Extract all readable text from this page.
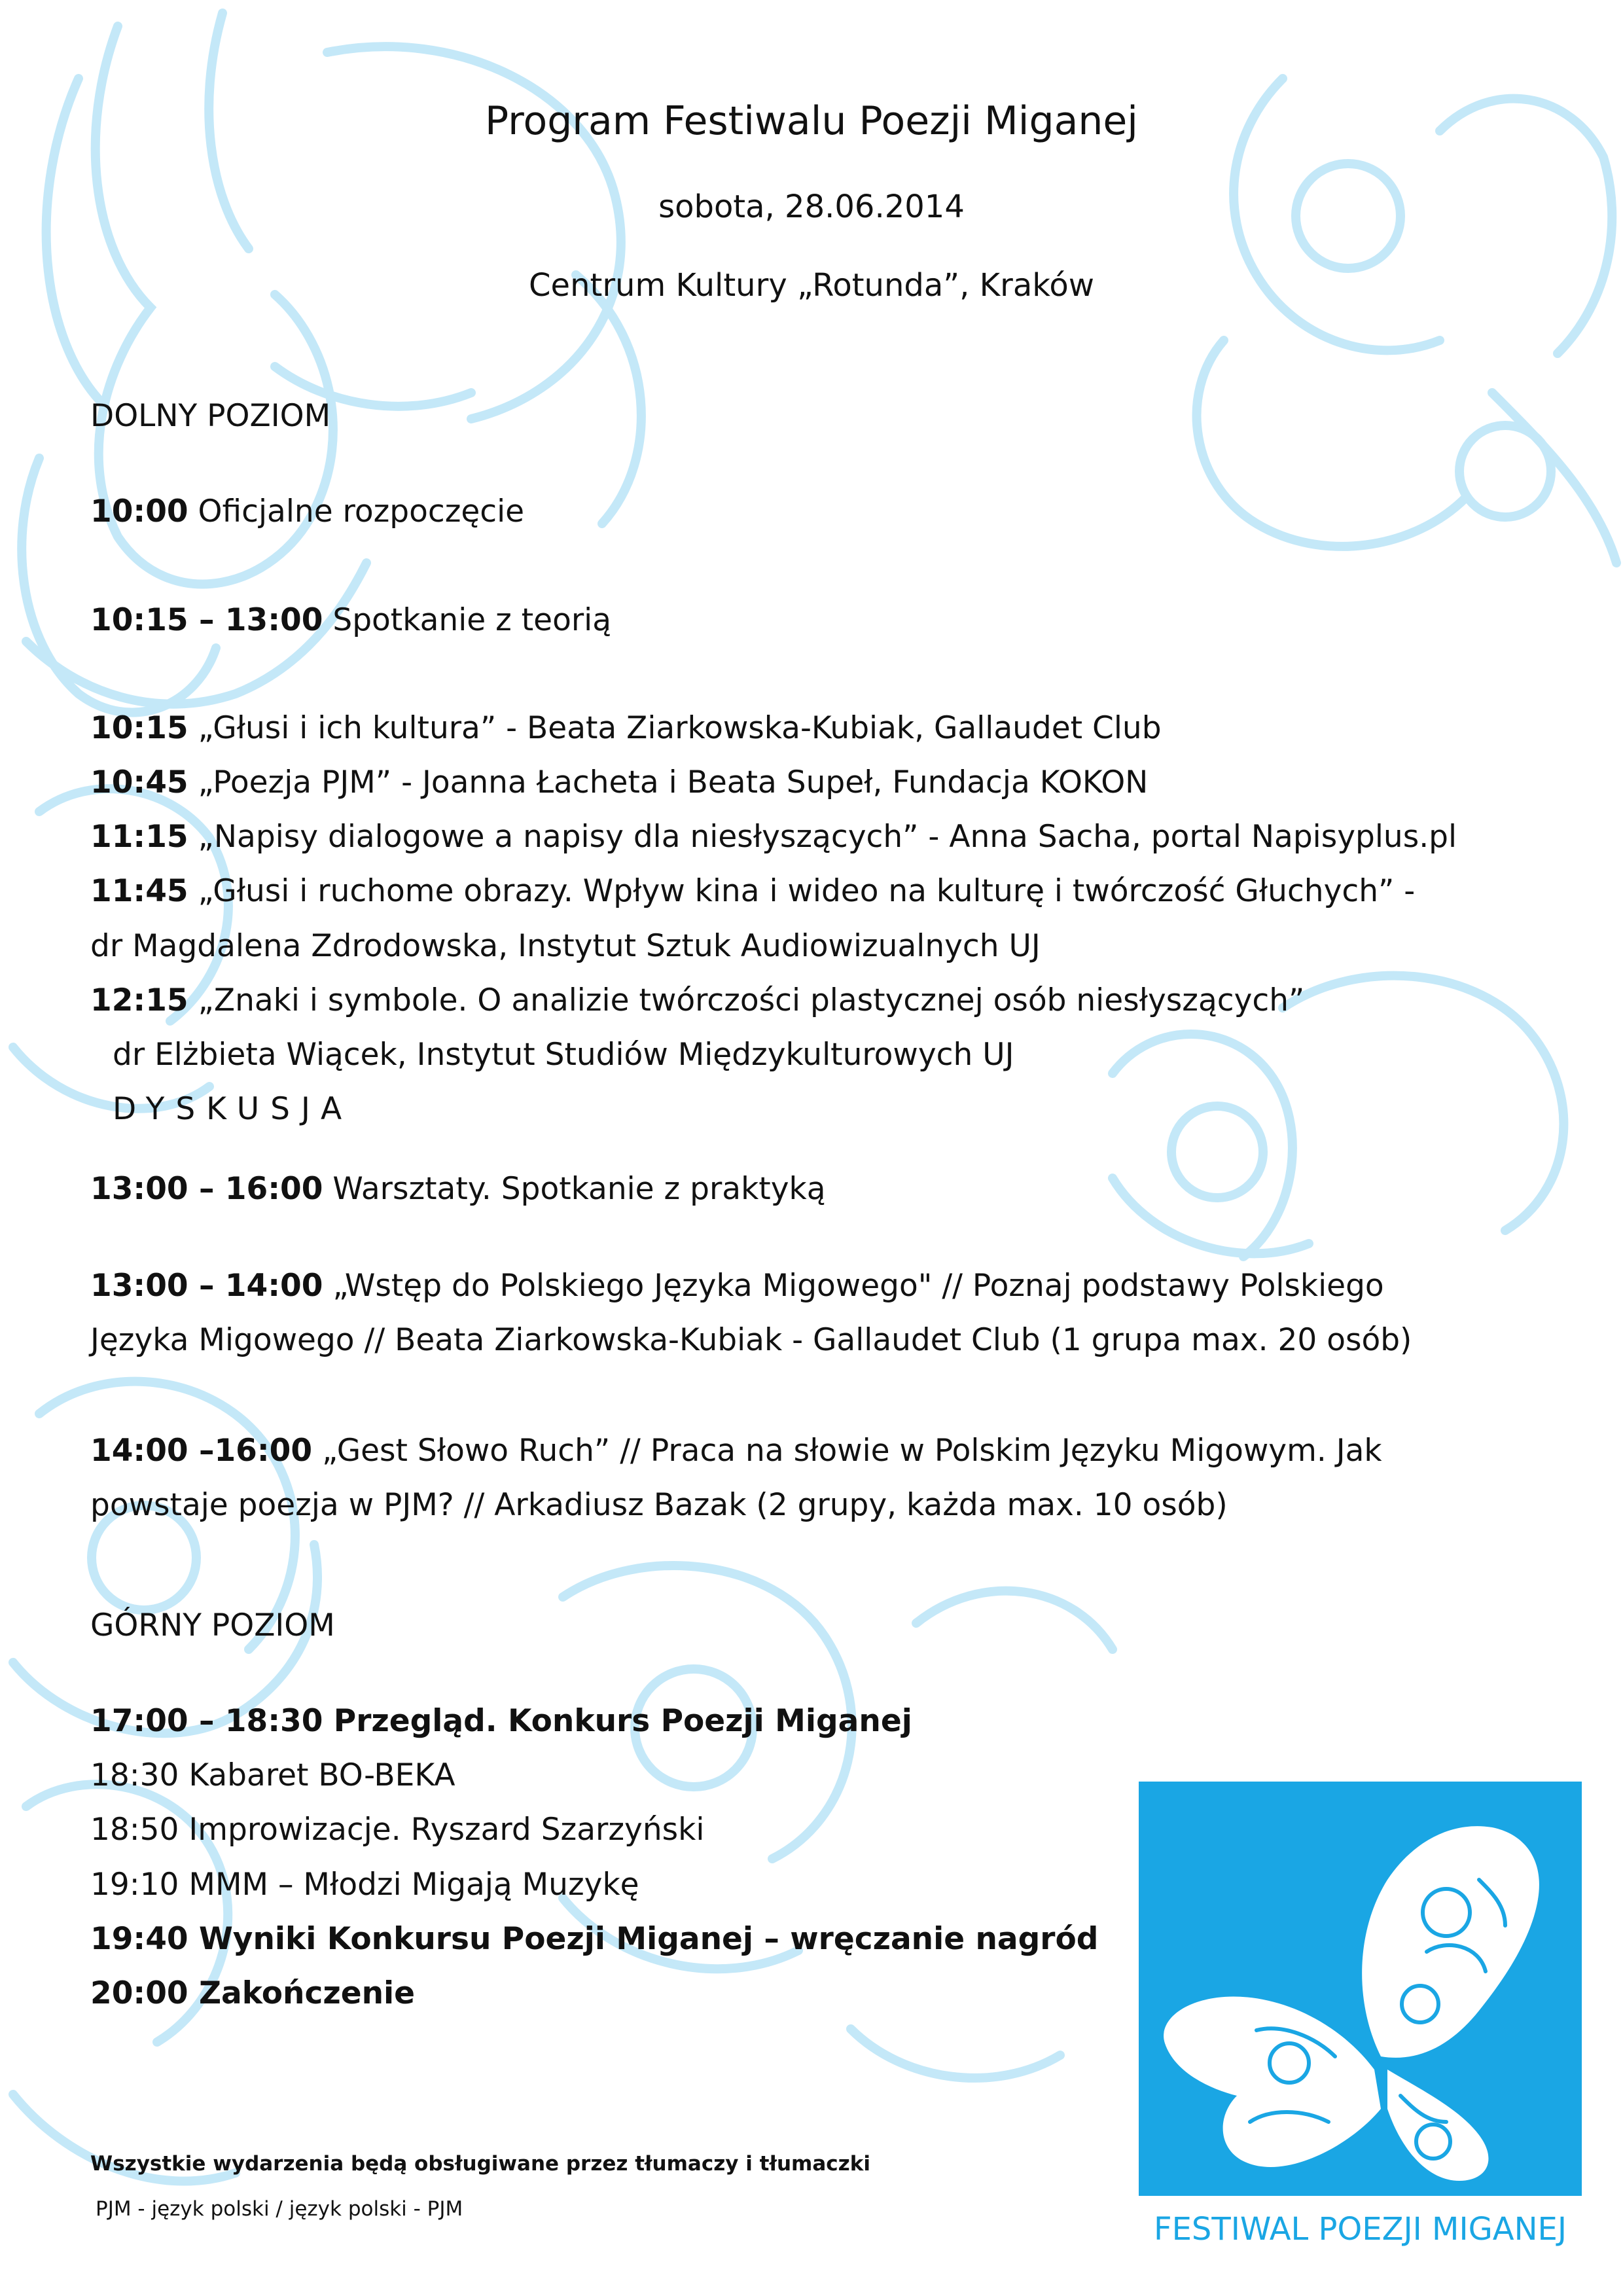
Program Festiwalu Poezji Miganej
sobota, 28.06.2014
Centrum Kultury „Rotunda”, Kraków
DOLNY POZIOM
10:00 Oficjalne rozpoczęcie
10:15 – 13:00 Spotkanie z teorią
10:15 „Głusi i ich kultura” - Beata Ziarkowska-Kubiak, Gallaudet Club
10:45 „Poezja PJM” - Joanna Łacheta i Beata Supeł, Fundacja KOKON
11:15 „Napisy dialogowe a napisy dla niesłyszących” - Anna Sacha, portal Napisyplus.pl
11:45 „Głusi i ruchome obrazy. Wpływ kina i wideo na kulturę i twórczość Głuchych” -
dr Magdalena Zdrodowska, Instytut Sztuk Audiowizualnych UJ
12:15 „Znaki i symbole. O analizie twórczości plastycznej osób niesłyszących”
dr Elżbieta Wiącek, Instytut Studiów Międzykulturowych UJ
DYSKUSJA
13:00 – 16:00 Warsztaty. Spotkanie z praktyką
13:00 – 14:00 „Wstęp do Polskiego Języka Migowego" // Poznaj podstawy Polskiego
Języka Migowego // Beata Ziarkowska-Kubiak - Gallaudet Club (1 grupa max. 20 osób)
14:00 –16:00 „Gest Słowo Ruch” // Praca na słowie w Polskim Języku Migowym. Jak
powstaje poezja w PJM? // Arkadiusz Bazak (2 grupy, każda max. 10 osób)
GÓRNY POZIOM
17:00 – 18:30 Przegląd. Konkurs Poezji Miganej
18:30 Kabaret BO-BEKA
18:50 Improwizacje. Ryszard Szarzyński
19:10 MMM – Młodzi Migają Muzykę
19:40 Wyniki Konkursu Poezji Miganej – wręczanie nagród
20:00 Zakończenie
Wszystkie wydarzenia będą obsługiwane przez tłumaczy i tłumaczki
PJM - język polski / język polski - PJM
FESTIWAL POEZJI MIGANEJ
